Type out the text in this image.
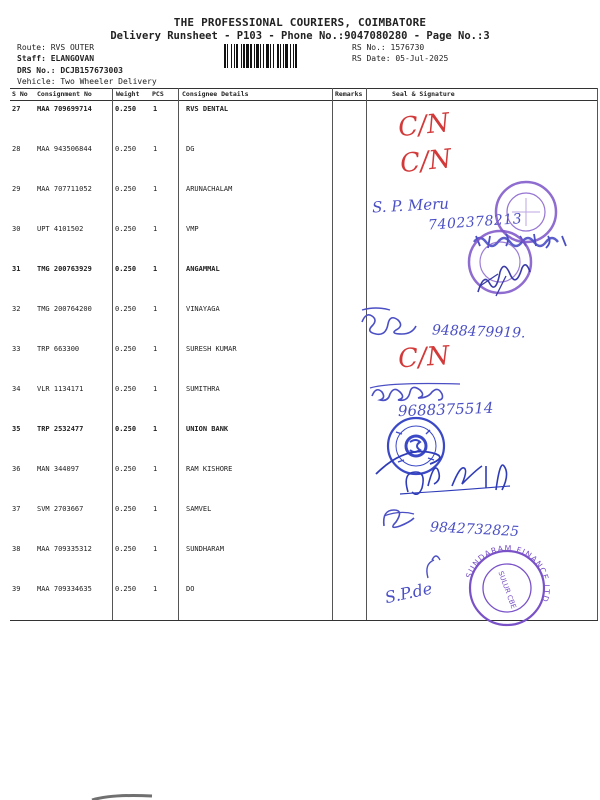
THE PROFESSIONAL COURIERS, COIMBATORE
Delivery Runsheet - P103 - Phone No.:9047080280 - Page No.:3
Route: RVS OUTER
Staff: ELANGOVAN
DRS No.: DCJB157673003
Vehicle: Two Wheeler Delivery
RS No.: 1576730
RS Date: 05-Jul-2025
S No Consignment No	Weight PCS	Consignee Details	Remarks	Seal & Signature
27 MAA 709699714	0.250 1	RVS DENTAL
28 MAA 943506844	0.250 1	DG
29 MAA 707711052	0.250 1	ARUNACHALAM
30 UPT 4101502	0.250 1	VMP
31 TMG 200763929	0.250 1	ANGAMMAL
32 TMG 200764200	0.250 1	VINAYAGA
33 TRP 663300	0.250 1	SURESH KUMAR
34 VLR 1134171	0.250 1	SUMITHRA
35 TRP 2532477	0.250 1	UNION BANK
36 MAN 344097	0.250 1	RAM KISHORE
37 SVM 2703667	0.250 1	SAMVEL
38 MAA 709335312	0.250 1	SUNDHARAM
39 MAA 709334635	0.250 1	DO
C/N
C/N
C/N
S. P. Meru
7402378213
9488479919.
9688375514
9842732825
S.P.de
SUNDARAM FINANCE LTD.
SULUR CBE
